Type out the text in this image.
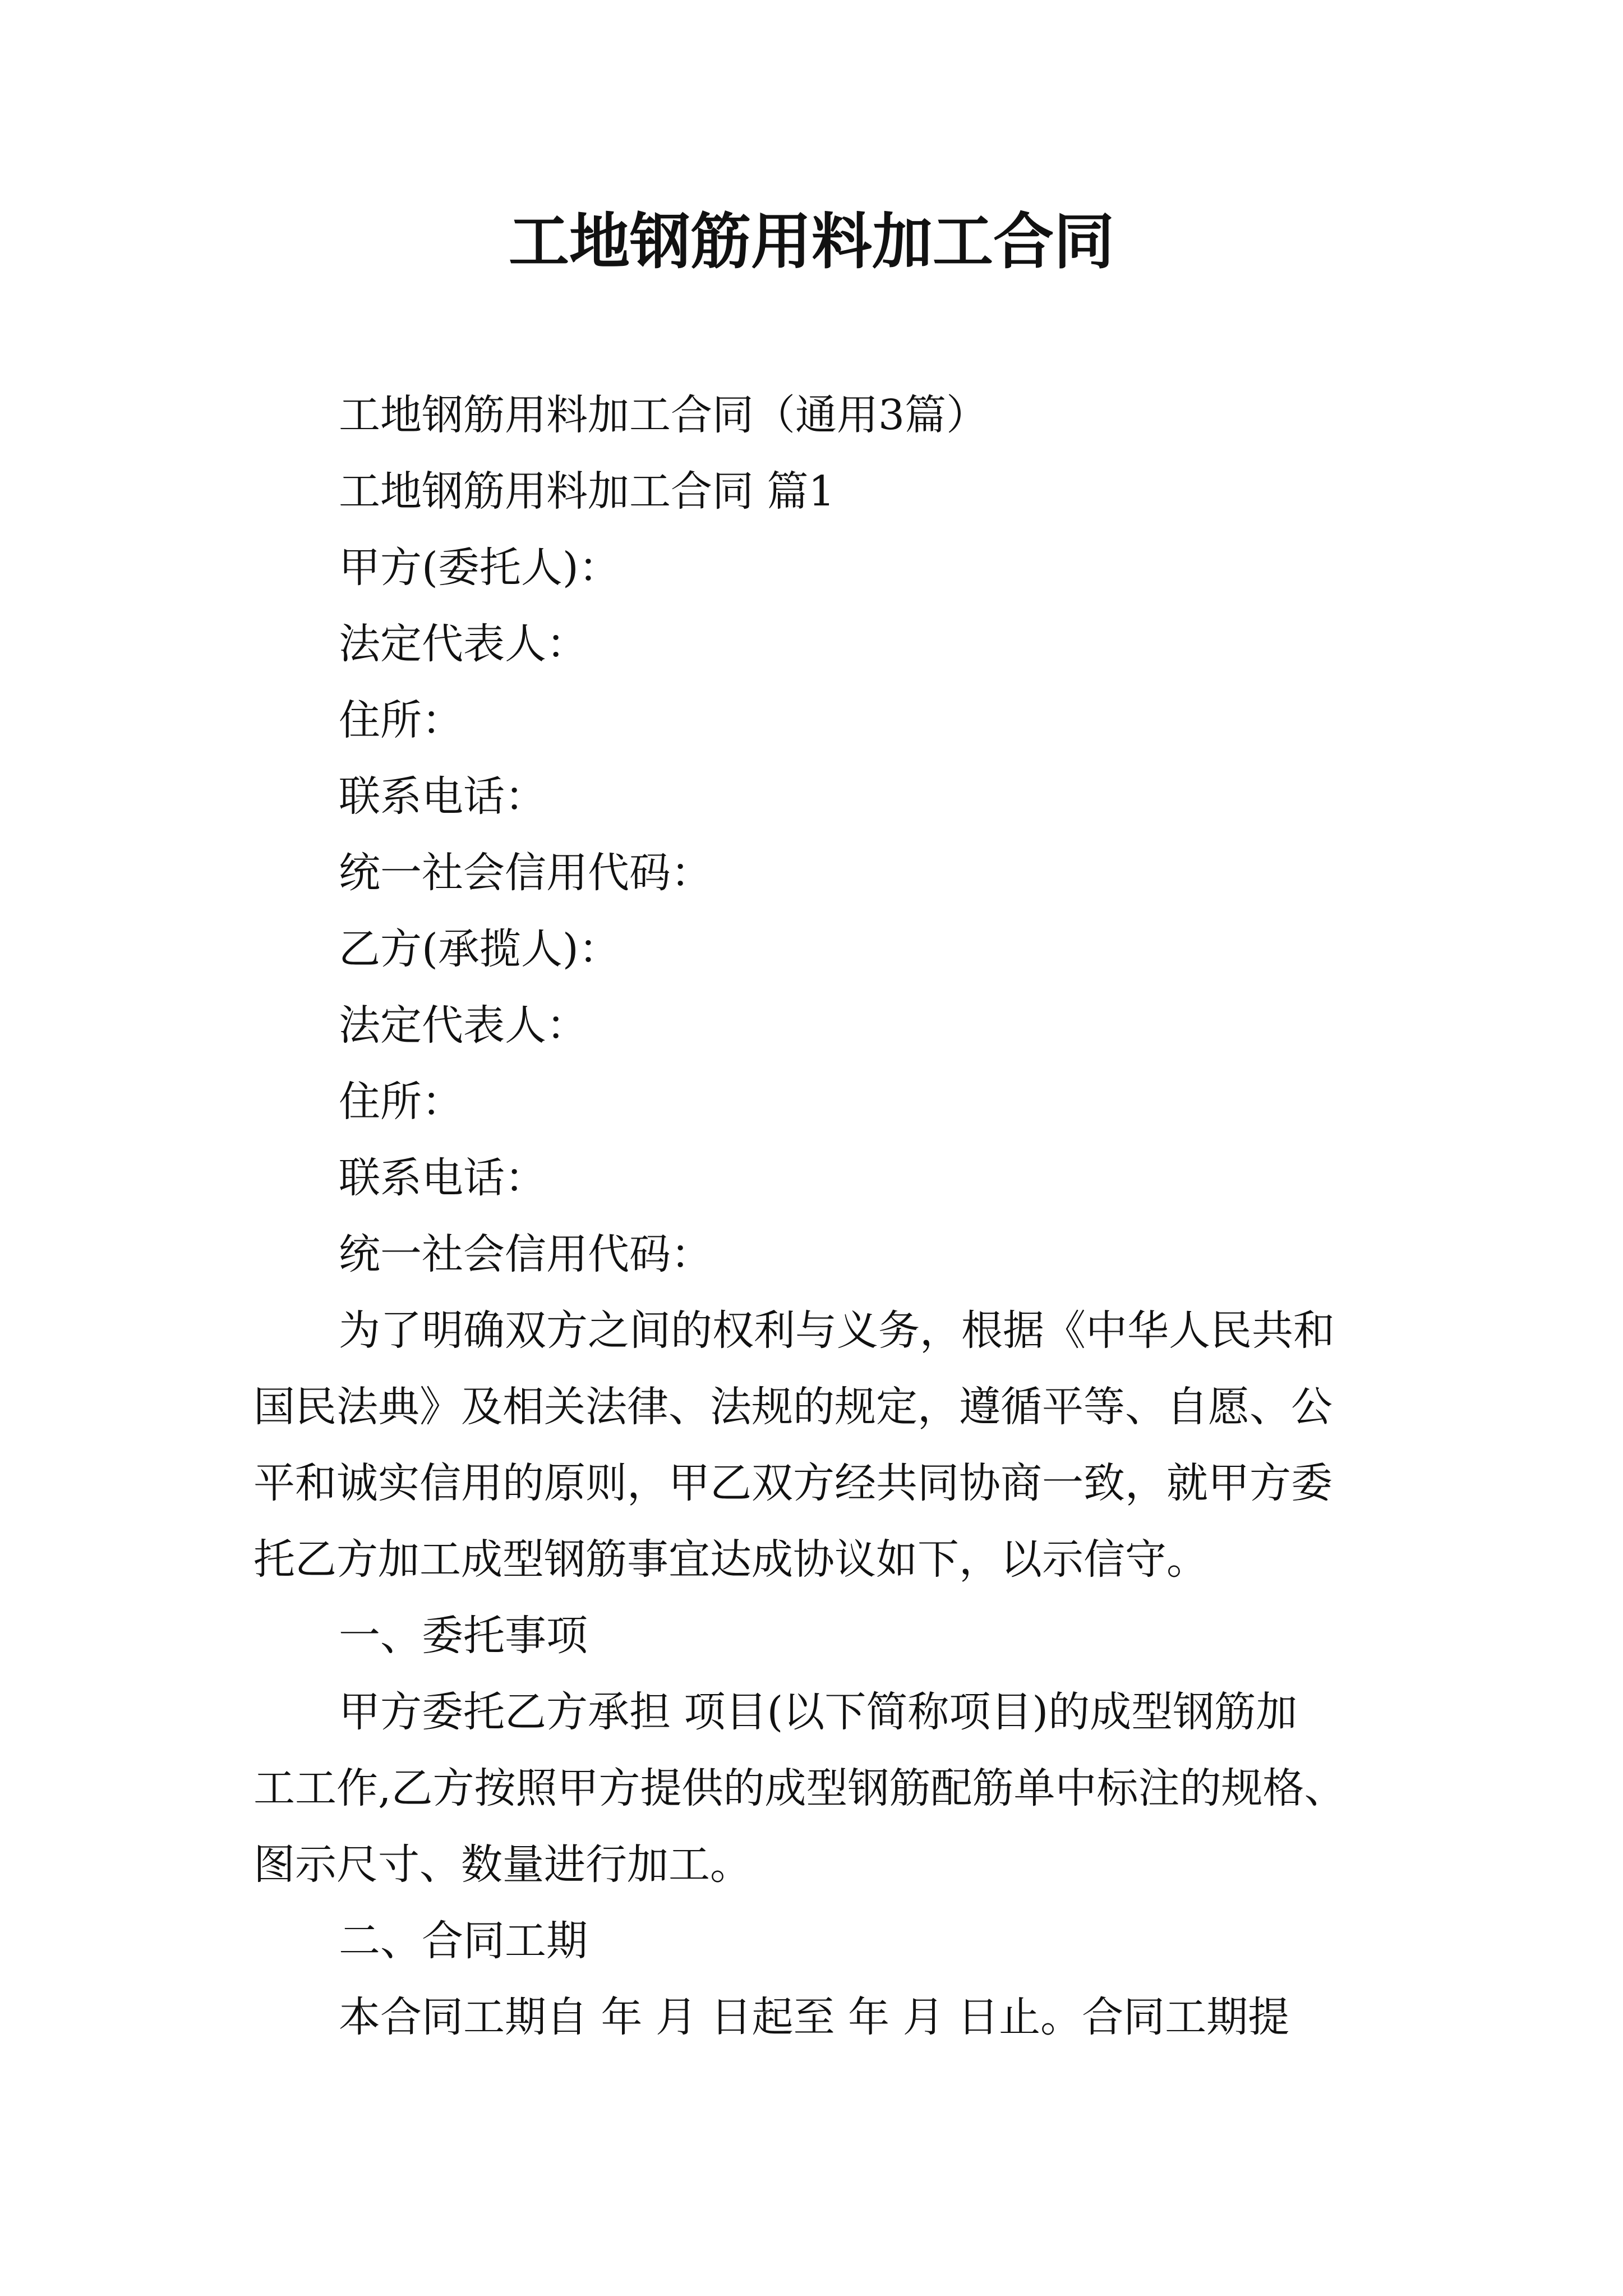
工地钢筋用料加工合同
工地钢筋用料加工合同（通用3篇）
工地钢筋用料加工合同 篇1
甲方(委托人)：
法定代表人：
住所：
联系电话：
统一社会信用代码：
乙方(承揽人)：
法定代表人：
住所：
联系电话：
统一社会信用代码：
为了明确双方之间的权利与义务，根据《中华人民共和
国民法典》及相关法律、法规的规定，遵循平等、自愿、公
平和诚实信用的原则，甲乙双方经共同协商一致，就甲方委
托乙方加工成型钢筋事宜达成协议如下，以示信守。
一、委托事项
甲方委托乙方承担 项目(以下简称项目)的成型钢筋加
工工作,乙方按照甲方提供的成型钢筋配筋单中标注的规格、
图示尺寸、数量进行加工。
二、合同工期
本合同工期自 年 月 日起至 年 月 日止。合同工期提
